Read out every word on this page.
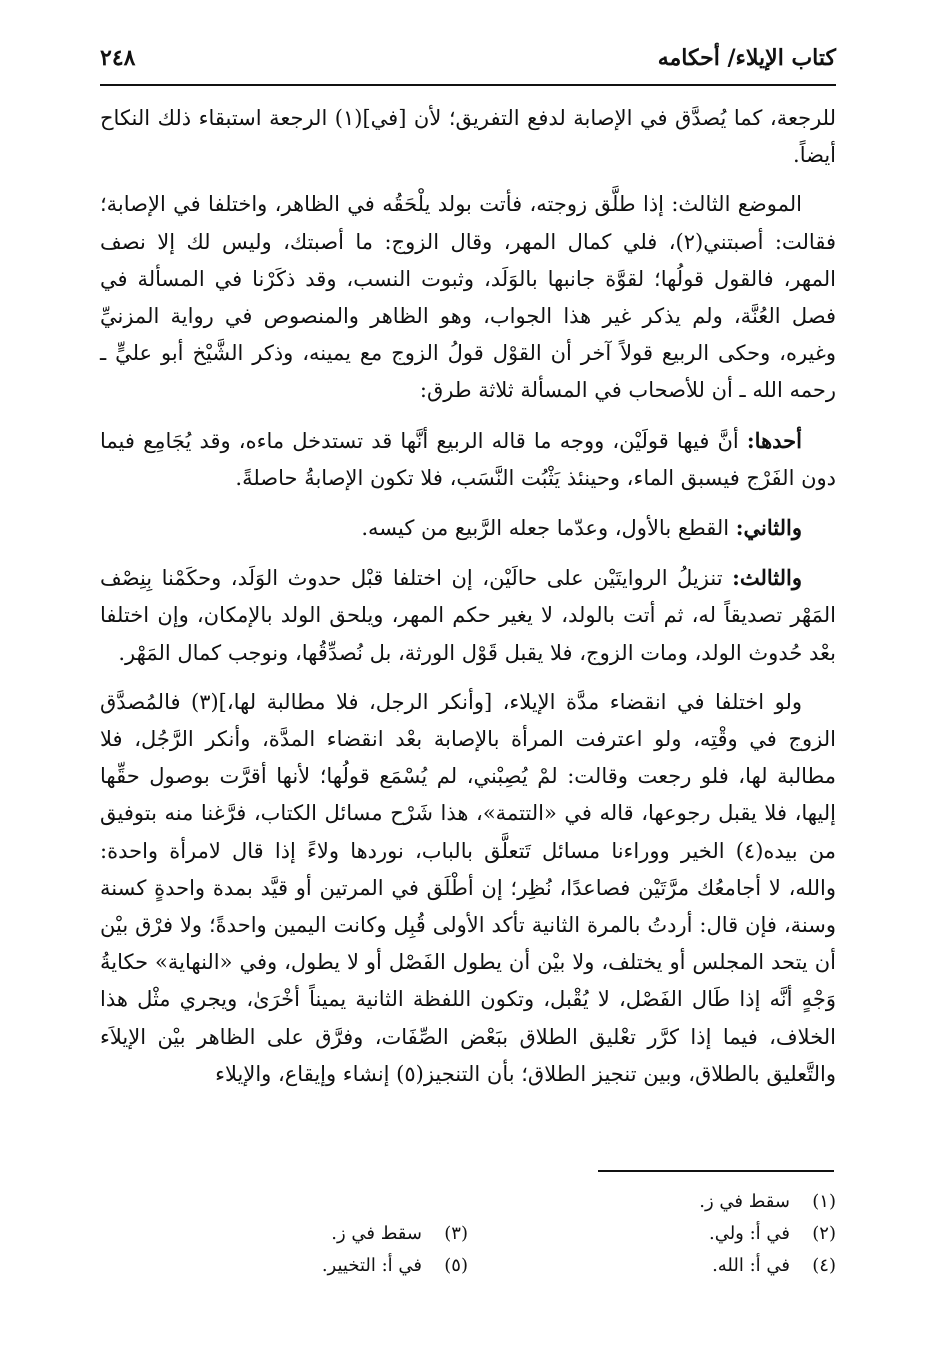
كتاب الإيلاء/ أحكامه
٢٤٨

للرجعة، كما يُصدَّق في الإصابة لدفع التفريق؛ لأن [في](١) الرجعة استبقاء ذلك النكاح أيضاً.

الموضع الثالث: إذا طلَّق زوجته، فأتت بولد يلْحَقُه في الظاهر، واختلفا في الإصابة؛ فقالت: أصبتني(٢)، فلي كمال المهر، وقال الزوج: ما أصبتك، وليس لك إلا نصف المهر، فالقول قولُها؛ لقوَّة جانبها بالوَلَد، وثبوت النسب، وقد ذكَرْنا في المسألة في فصل العُنَّة، ولم يذكر غير هذا الجواب، وهو الظاهر والمنصوص في رواية المزنيِّ وغيره، وحكى الربيع قولاً آخر أن القوْل قولُ الزوج مع يمينه، وذكر الشَّيْخ أبو عليٍّ ـ رحمه الله ـ أن للأصحاب في المسألة ثلاثة طرق:

أحدها: أنَّ فيها قولَيْن، ووجه ما قاله الربيع أنَّها قد تستدخل ماءه، وقد يُجَامِع فيما دون الفَرْج فيسبق الماء، وحينئذ يَثْبُت النَّسَب، فلا تكون الإصابةُ حاصلةً.

والثاني: القطع بالأول، وعدّما جعله الرَّبيع من كيسه.

والثالث: تنزيلُ الروايتَيْن على حالَيْن، إن اختلفا قبْل حدوث الوَلَد، وحكَمْنا بِنِصْف المَهْر تصديقاً له، ثم أتت بالولد، لا يغير حكم المهر، ويلحق الولد بالإمكان، وإن اختلفا بعْد حُدوث الولد، ومات الزوج، فلا يقبل قَوْل الورثة، بل نُصدِّقُها، ونوجب كمال المَهْر.

ولو اختلفا في انقضاء مدَّة الإيلاء، [وأنكر الرجل، فلا مطالبة لها،](٣) فالمُصدَّق الزوج في وقْتِه، ولو اعترفت المرأة بالإصابة بعْد انقضاء المدَّة، وأنكر الرَّجُل، فلا مطالبة لها، فلو رجعت وقالت: لمْ يُصِبْني، لم يُسْمَع قولُها؛ لأنها أقرَّت بوصول حقِّها إليها، فلا يقبل رجوعها، قاله في «التتمة»، هذا شَرْح مسائل الكتاب، فرَّغنا منه بتوفيق من بيده(٤) الخير ووراءنا مسائل تَتعلَّق بالباب، نوردها ولاءً إذا قال لامرأة واحدة: والله، لا أجامعُك مرَّتَيْن فصاعدًا، نُظِر؛ إن أطْلَق في المرتين أو قيَّد بمدة واحدةٍ كسنة وسنة، فإن قال: أردتُ بالمرة الثانية تأكد الأولى قُبِل وكانت اليمين واحدةً؛ ولا فرْق بيْن أن يتحد المجلس أو يختلف، ولا بيْن أن يطول الفَصْل أو لا يطول، وفي «النهاية» حكايةُ وَجْهٍ أنَّه إذا طَال الفَصْل، لا يُقْبل، وتكون اللفظة الثانية يميناً أخْرَىٰ، ويجري مثْل هذا الخلاف، فيما إذا كرَّر تعْليق الطلاق ببَعْض الصِّفَات، وفرَّق على الظاهر بيْن الإيلاَء والتَّعليق بالطلاق، وبين تنجيز الطلاق؛ بأن التنجيز(٥) إنشاء وإيقاع، والإيلاء

(١)سقط في ز.
(٢)في أ: ولي.
(٣)سقط في ز.
(٤)في أ: الله.
(٥)في أ: التخيير.
